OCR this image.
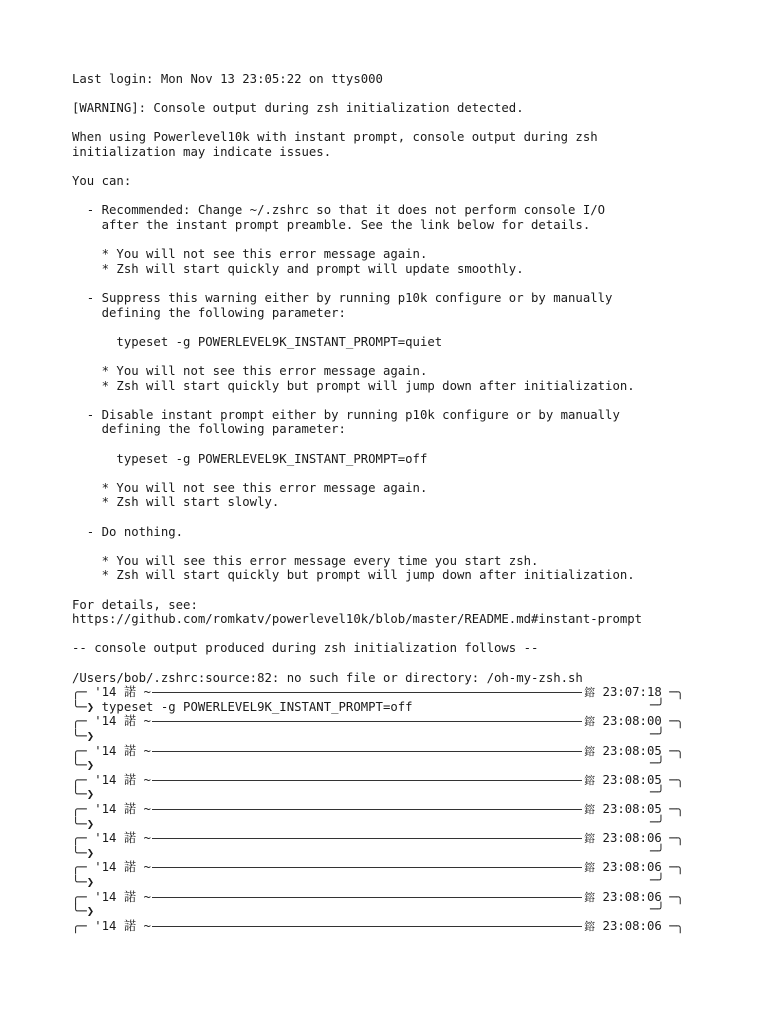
Last login: Mon Nov 13 23:05:22 on ttys000
[WARNING]: Console output during zsh initialization detected.
When using Powerlevel10k with instant prompt, console output during zsh
initialization may indicate issues.
You can:
- Recommended: Change ~/.zshrc so that it does not perform console I/O
after the instant prompt preamble. See the link below for details.
* You will not see this error message again.
* Zsh will start quickly and prompt will update smoothly.
- Suppress this warning either by running p10k configure or by manually
defining the following parameter:
typeset -g POWERLEVEL9K_INSTANT_PROMPT=quiet
* You will not see this error message again.
* Zsh will start quickly but prompt will jump down after initialization.
- Disable instant prompt either by running p10k configure or by manually
defining the following parameter:
typeset -g POWERLEVEL9K_INSTANT_PROMPT=off
* You will not see this error message again.
* Zsh will start slowly.
- Do nothing.
* You will see this error message every time you start zsh.
* Zsh will start quickly but prompt will jump down after initialization.
For details, see:
https://github.com/romkatv/powerlevel10k/blob/master/README.md#instant-prompt
-- console output produced during zsh initialization follows --
/Users/bob/.zshrc:source:82: no such file or directory: /oh-my-zsh.sh
╭─ '14 諾 ~	鎔 23:07:18 ─╮
╰─❯ typeset -g POWERLEVEL9K_INSTANT_PROMPT=off	─╯
╭─ '14 諾 ~	鎔 23:08:00 ─╮
╰─❯	─╯
╭─ '14 諾 ~	鎔 23:08:05 ─╮
╰─❯	─╯
╭─ '14 諾 ~	鎔 23:08:05 ─╮
╰─❯	─╯
╭─ '14 諾 ~	鎔 23:08:05 ─╮
╰─❯	─╯
╭─ '14 諾 ~	鎔 23:08:06 ─╮
╰─❯	─╯
╭─ '14 諾 ~	鎔 23:08:06 ─╮
╰─❯	─╯
╭─ '14 諾 ~	鎔 23:08:06 ─╮
╰─❯	─╯
╭─ '14 諾 ~	鎔 23:08:06 ─╮
